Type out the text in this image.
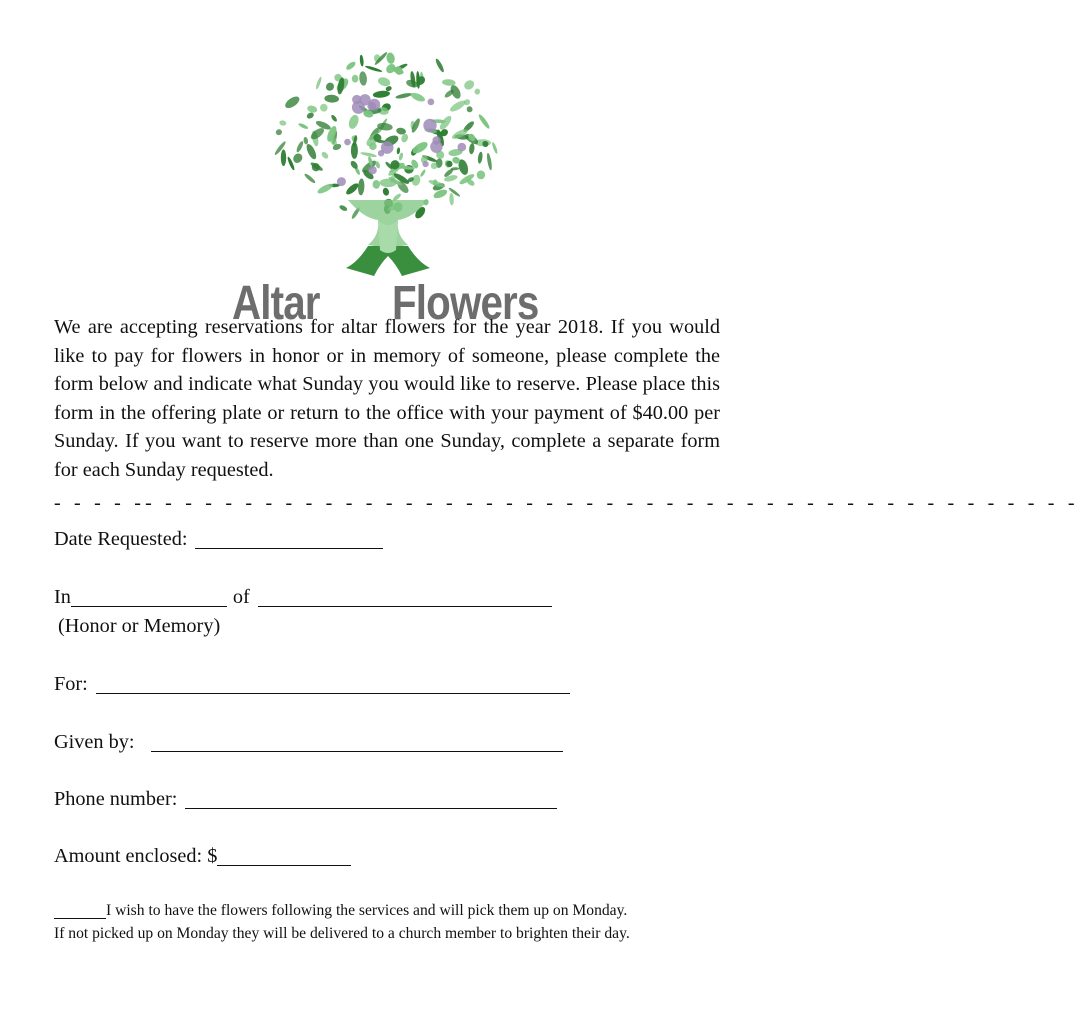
Altar Flowers

We are accepting reservations for altar flowers for the year 2018. If you would like to pay for flowers in honor or in memory of someone, please complete the form below and indicate what Sunday you would like to reserve. Please place this form in the offering plate or return to the office with your payment of $40.00 per Sunday. If you want to reserve more than one Sunday, complete a separate form for each Sunday requested.

- - - - -- - - - - - - - - - - - - - - - - - - - - - - - - - - - - - - - - - - - - - - - - - - - - - -
Date Requested:
In	of
(Honor or Memory)
For:
Given by:
Phone number:
Amount enclosed: $
I wish to have the flowers following the services and will pick them up on Monday.
If not picked up on Monday they will be delivered to a church member to brighten their day.
